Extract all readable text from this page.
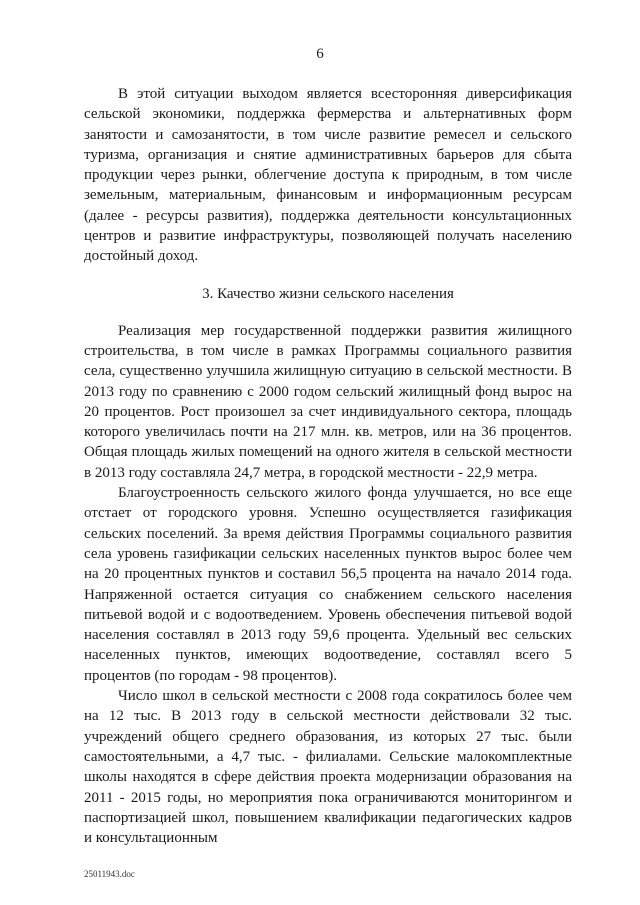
6

В этой ситуации выходом является всесторонняя диверсификация сельской экономики, поддержка фермерства и альтернативных форм занятости и самозанятости, в том числе развитие ремесел и сельского туризма, организация и снятие административных барьеров для сбыта продукции через рынки, облегчение доступа к природным, в том числе земельным, материальным, финансовым и информационным ресурсам (далее - ресурсы развития), поддержка деятельности консультационных центров и развитие инфраструктуры, позволяющей получать населению достойный доход.

3. Качество жизни сельского населения

Реализация мер государственной поддержки развития жилищного строительства, в том числе в рамках Программы социального развития села, существенно улучшила жилищную ситуацию в сельской местности. В 2013 году по сравнению с 2000 годом сельский жилищный фонд вырос на 20 процентов. Рост произошел за счет индивидуального сектора, площадь которого увеличилась почти на 217 млн. кв. метров, или на 36 процентов. Общая площадь жилых помещений на одного жителя в сельской местности в 2013 году составляла 24,7 метра, в городской местности - 22,9 метра.

Благоустроенность сельского жилого фонда улучшается, но все еще отстает от городского уровня. Успешно осуществляется газификация сельских поселений. За время действия Программы социального развития села уровень газификации сельских населенных пунктов вырос более чем на 20 процентных пунктов и составил 56,5 процента на начало 2014 года. Напряженной остается ситуация со снабжением сельского населения питьевой водой и с водоотведением. Уровень обеспечения питьевой водой населения составлял в 2013 году 59,6 процента. Удельный вес сельских населенных пунктов, имеющих водоотведение, составлял всего 5 процентов (по городам - 98 процентов).

Число школ в сельской местности с 2008 года сократилось более чем на 12 тыс. В 2013 году в сельской местности действовали 32 тыс. учреждений общего среднего образования, из которых 27 тыс. были самостоятельными, а 4,7 тыс. - филиалами. Сельские малокомплектные школы находятся в сфере действия проекта модернизации образования на 2011 - 2015 годы, но мероприятия пока ограничиваются мониторингом и паспортизацией школ, повышением квалификации педагогических кадров и консультационным

25011943.doc
